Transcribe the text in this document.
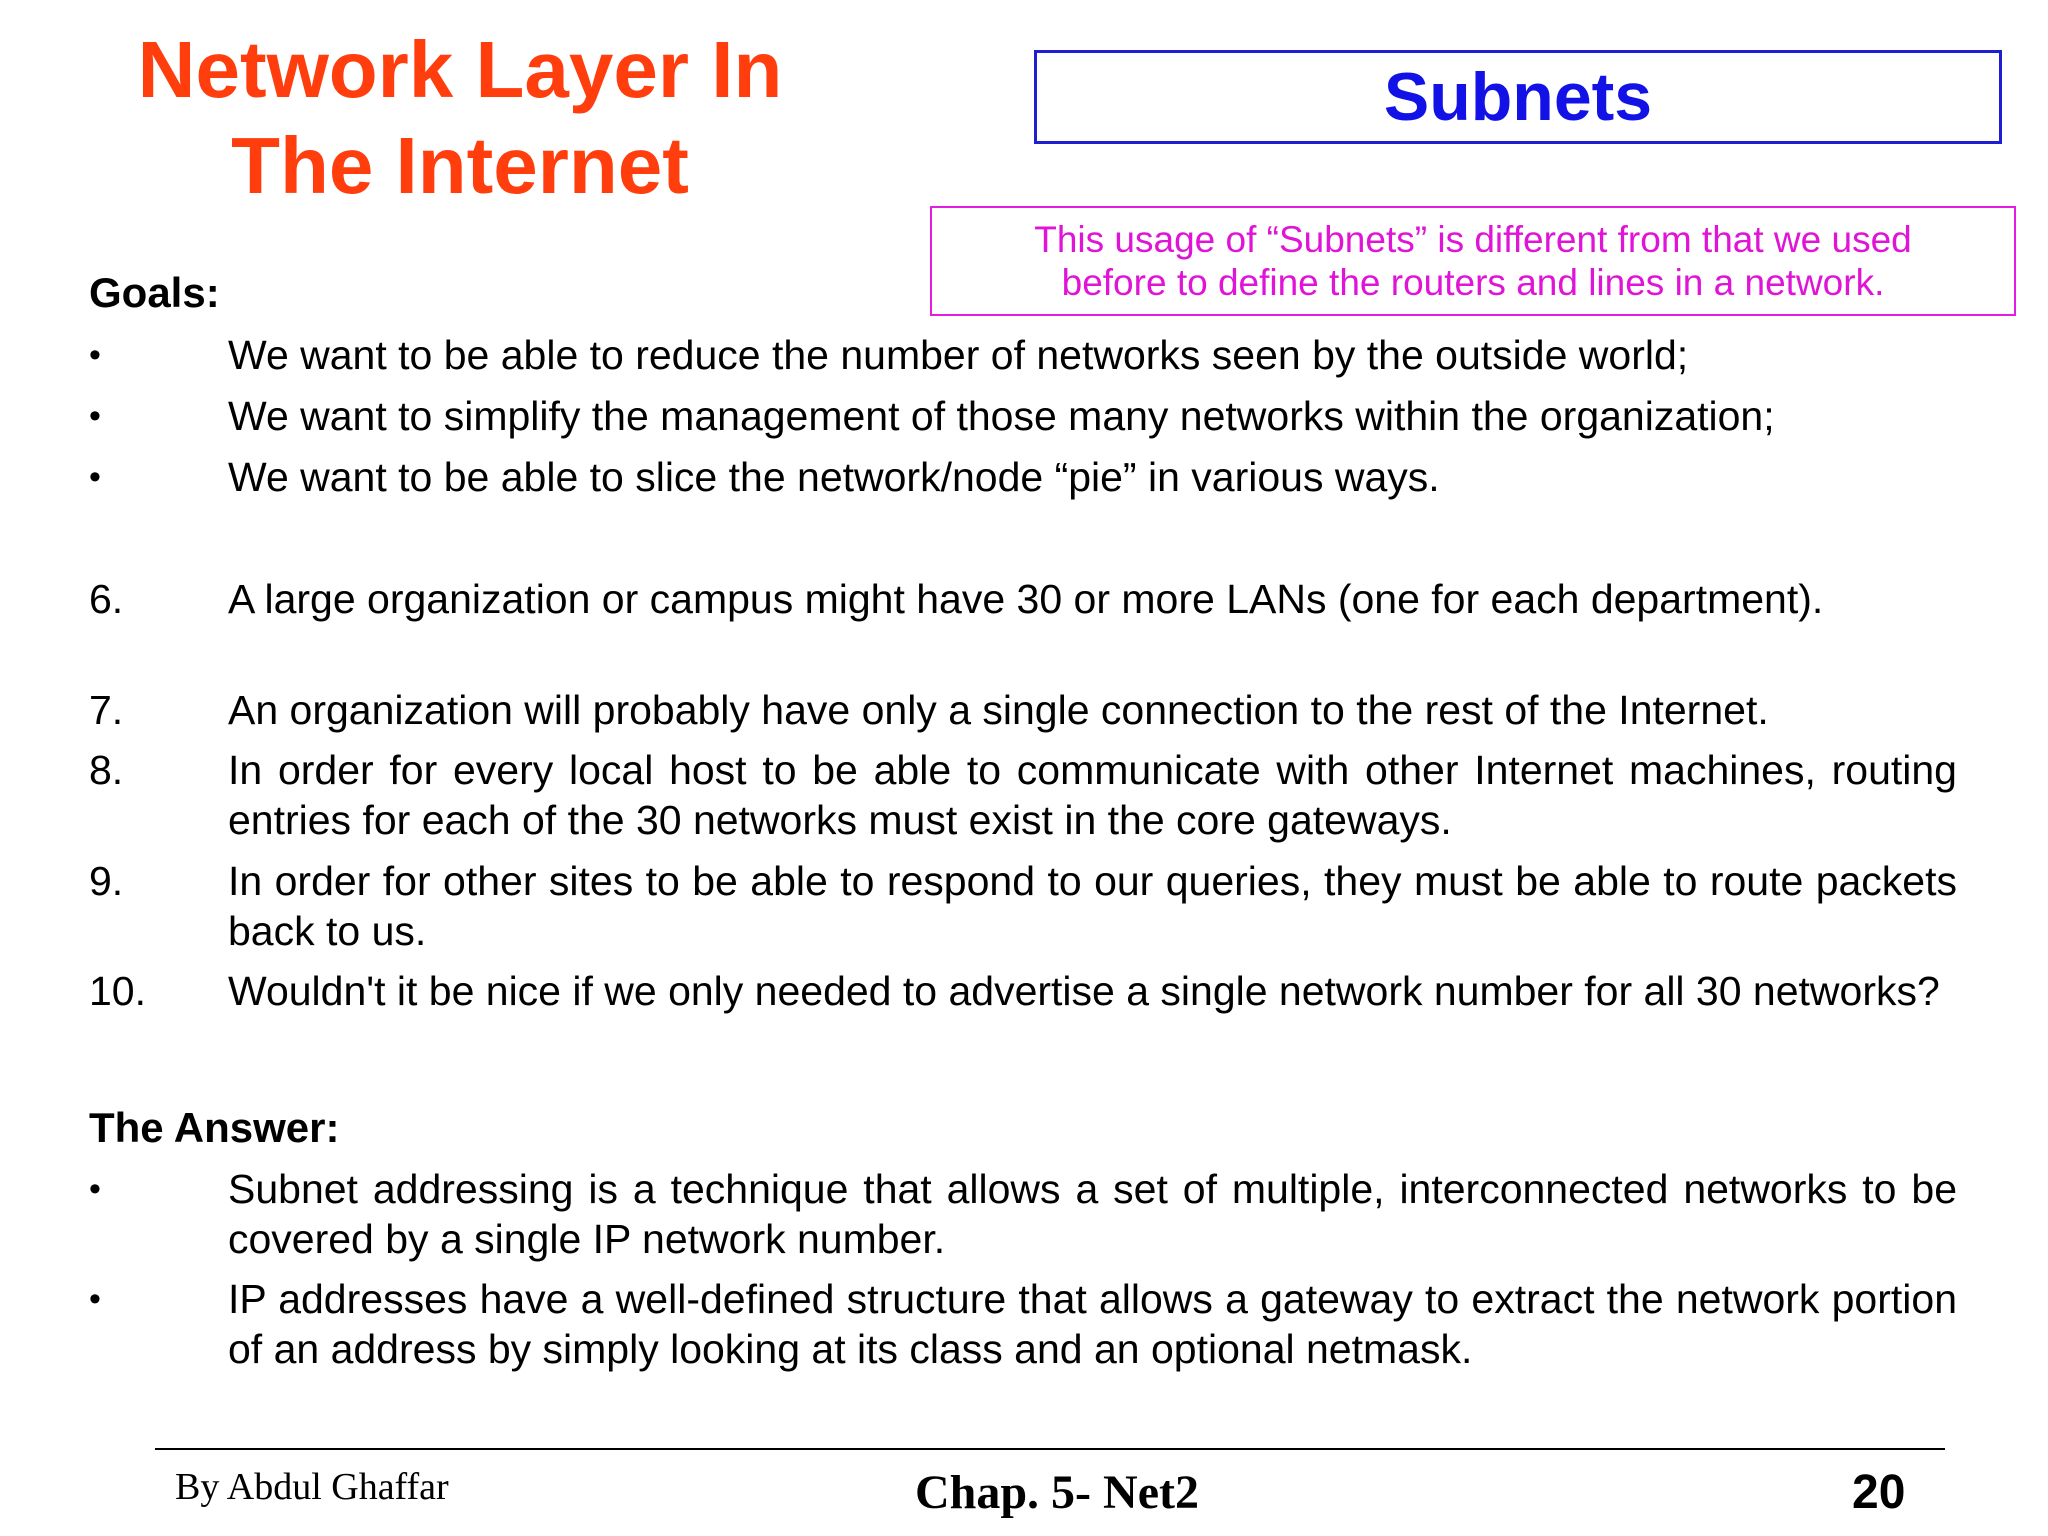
Network Layer In
The Internet
Subnets
This usage of “Subnets” is different from that we used
before to define the routers and lines in a network.
Goals:
•	We want to be able to reduce the number of networks seen by the outside world;
•	We want to simplify the management of those many networks within the organization;
•	We want to be able to slice the network/node “pie” in various ways.
6.	A large organization or campus might have 30 or more LANs (one for each department).
7.	An organization will probably have only a single connection to the rest of the Internet.
8.	In order for every local host to be able to communicate with other Internet machines, routing entries for each of the 30 networks must exist in the core gateways.
9.	In order for other sites to be able to respond to our queries, they must be able to route packets back to us.
10. Wouldn't it be nice if we only needed to advertise a single network number for all 30 networks?
The Answer:
•	Subnet addressing is a technique that allows a set of multiple, interconnected networks to be covered by a single IP network number.
•	IP addresses have a well-defined structure that allows a gateway to extract the network portion of an address by simply looking at its class and an optional netmask.
By Abdul Ghaffar	Chap. 5- Net2	20
